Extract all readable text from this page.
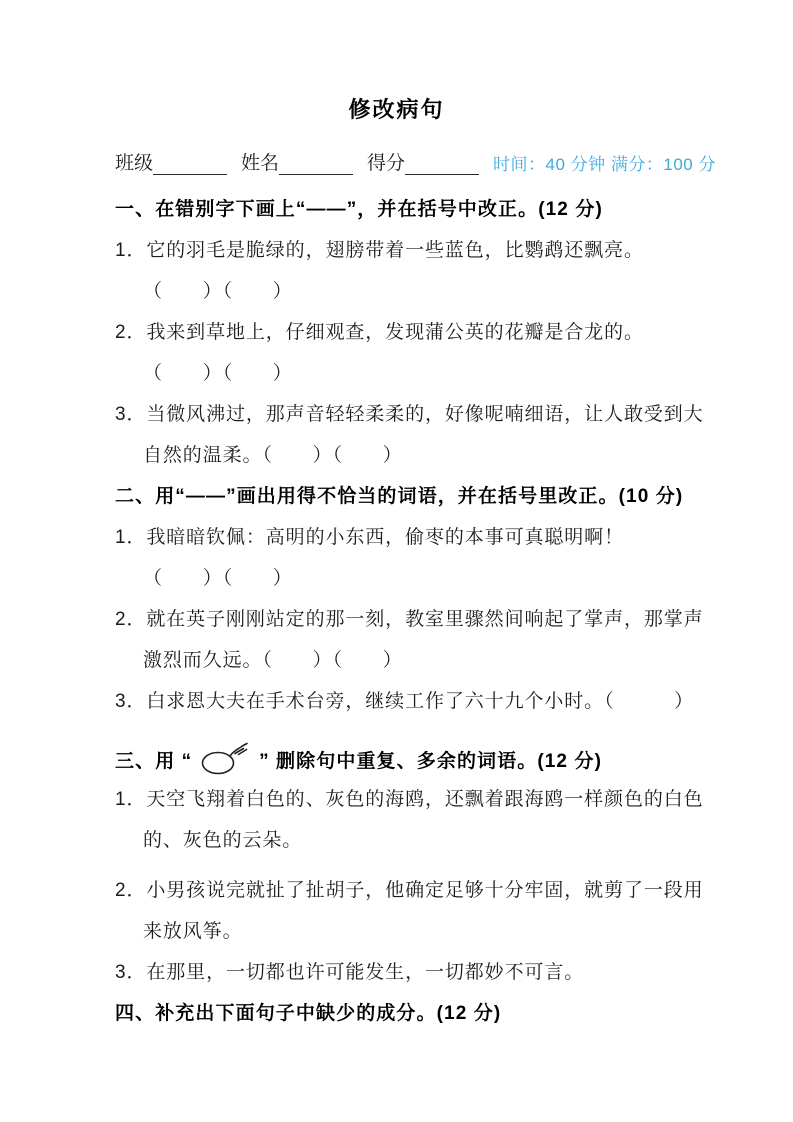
修改病句
班级	姓名	得分	时间：40 分钟 满分：100 分
一、在错别字下画上“——”，并在括号中改正。(12 分)
1．它的羽毛是脆绿的，翅膀带着一些蓝色，比鹦鹉还飘亮。
（　　）（　　）
2．我来到草地上，仔细观查，发现蒲公英的花瓣是合龙的。
（　　）（　　）
3．当微风沸过，那声音轻轻柔柔的，好像呢喃细语，让人敢受到大
自然的温柔。（　　）（　　）
二、用“——”画出用得不恰当的词语，并在括号里改正。(10 分)
1．我暗暗钦佩：高明的小东西，偷枣的本事可真聪明啊！
（　　）（　　）
2．就在英子刚刚站定的那一刻，教室里骤然间响起了掌声，那掌声
激烈而久远。（　　）（　　）
3．白求恩大夫在手术台旁，继续工作了六十九个小时。（　　　）
三、用 “	” 删除句中重复、多余的词语。(12 分)
1．天空飞翔着白色的、灰色的海鸥，还飘着跟海鸥一样颜色的白色
的、灰色的云朵。
2．小男孩说完就扯了扯胡子，他确定足够十分牢固，就剪了一段用
来放风筝。
3．在那里，一切都也许可能发生，一切都妙不可言。
四、补充出下面句子中缺少的成分。(12 分)
